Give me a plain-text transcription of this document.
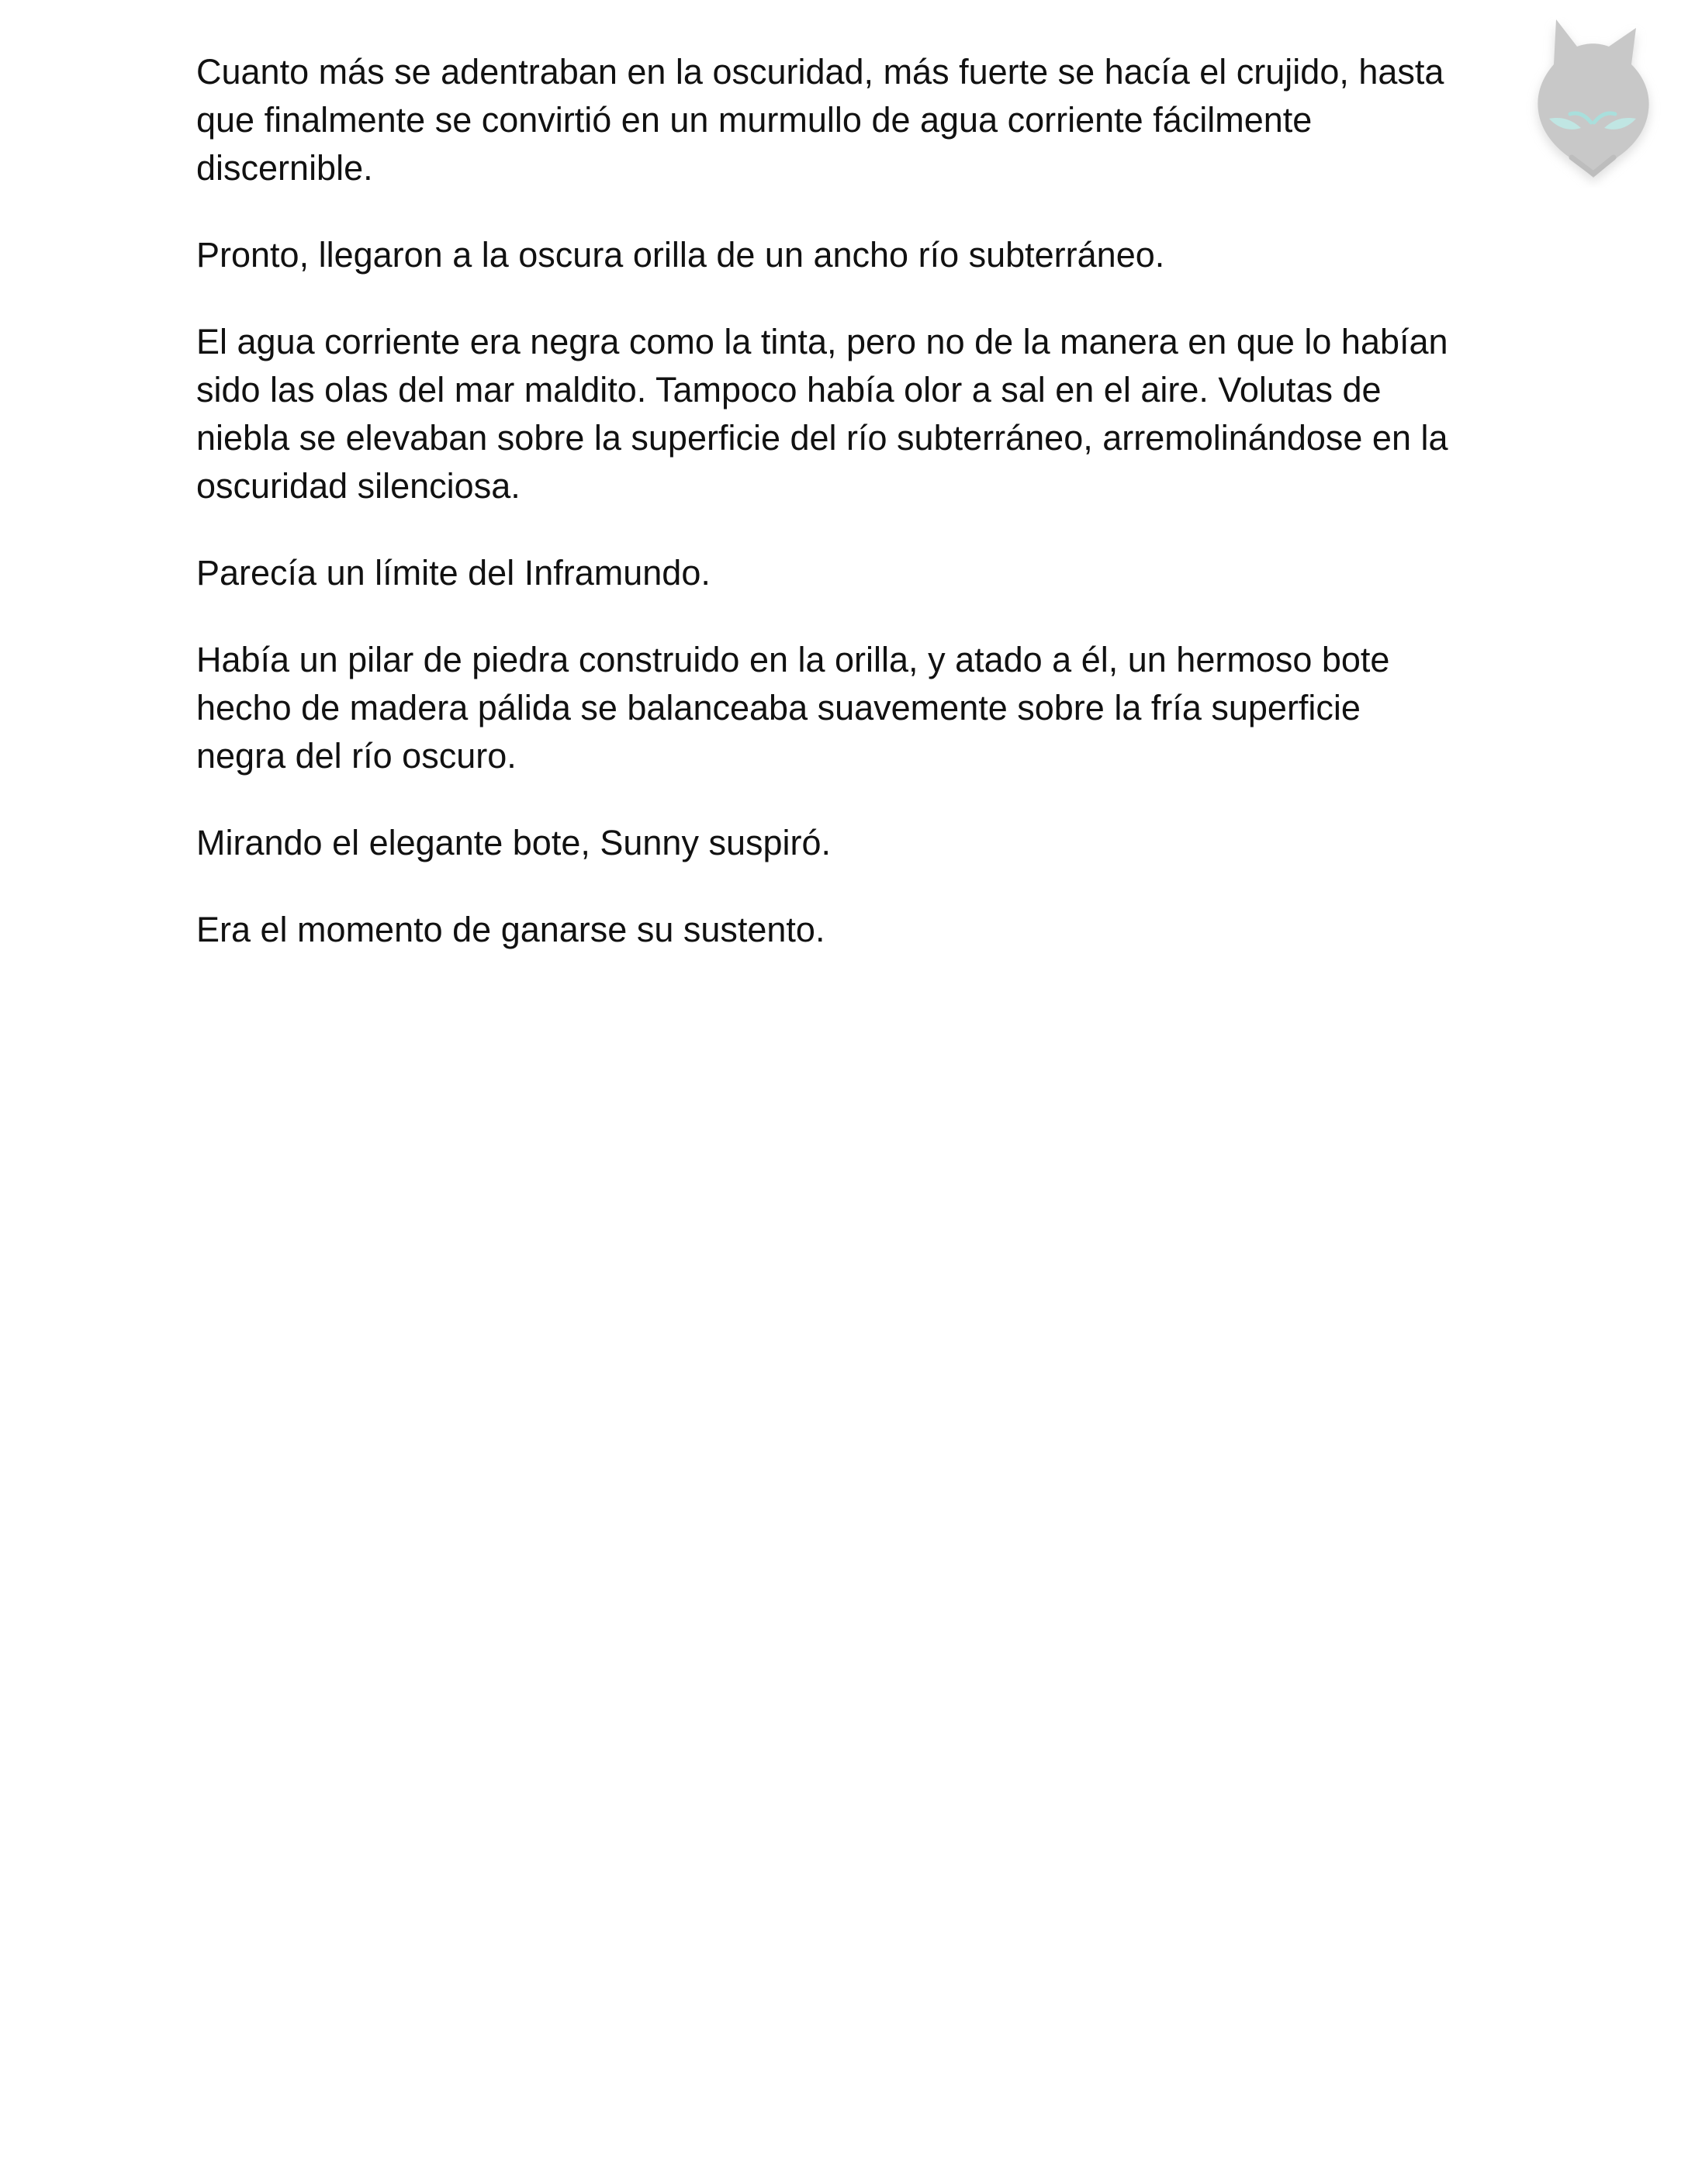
Cuanto más se adentraban en la oscuridad, más fuerte se hacía el crujido, hasta que finalmente se convirtió en un murmullo de agua corriente fácilmente discernible.

Pronto, llegaron a la oscura orilla de un ancho río subterráneo.

El agua corriente era negra como la tinta, pero no de la manera en que lo habían sido las olas del mar maldito. Tampoco había olor a sal en el aire. Volutas de niebla se elevaban sobre la superficie del río subterráneo, arremolinándose en la oscuridad silenciosa.

Parecía un límite del Inframundo.

Había un pilar de piedra construido en la orilla, y atado a él, un hermoso bote hecho de madera pálida se balanceaba suavemente sobre la fría superficie negra del río oscuro.

Mirando el elegante bote, Sunny suspiró.

Era el momento de ganarse su sustento.
